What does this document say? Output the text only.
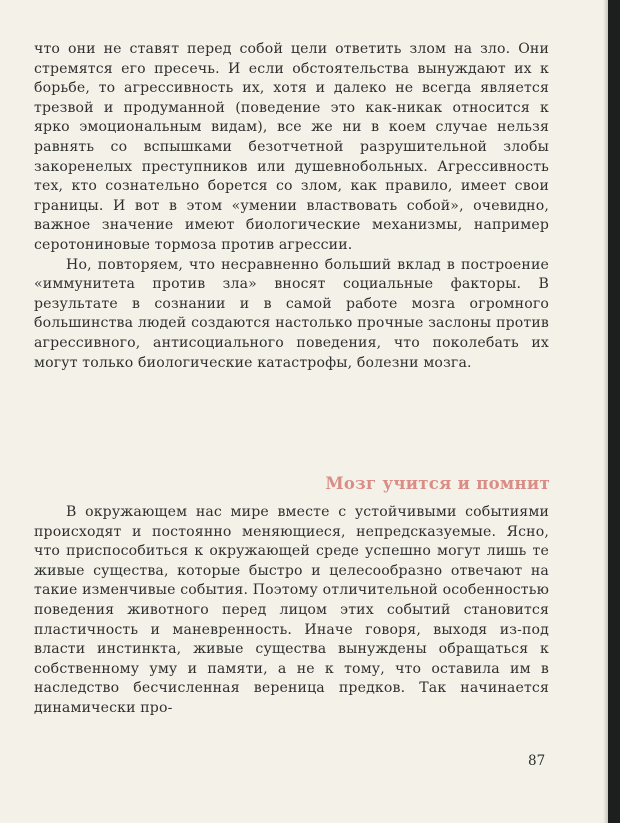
что они не ставят перед собой цели ответить злом на зло. Они стремятся его пресечь. И если обстоятельства вынуждают их к борьбе, то агрессивность их, хотя и далеко не всегда является трезвой и продуманной (поведение это как-никак относится к ярко эмоциональным видам), все же ни в коем случае нельзя равнять со вспышками безотчетной разрушительной злобы закоренелых преступников или душевнобольных. Агрессивность тех, кто сознательно борется со злом, как правило, имеет свои границы. И вот в этом «умении властвовать собой», очевидно, важное значение имеют биологические механизмы, например серотониновые тормоза против агрессии.

Но, повторяем, что несравненно больший вклад в построение «иммунитета против зла» вносят социальные факторы. В результате в сознании и в самой работе мозга огромного большинства людей создаются настолько прочные заслоны против агрессивного, антисоциального поведения, что поколебать их могут только биологические катастрофы, болезни мозга.

Мозг учится и помнит

В окружающем нас мире вместе с устойчивыми событиями происходят и постоянно меняющиеся, непредсказуемые. Ясно, что приспособиться к окружающей среде успешно могут лишь те живые существа, которые быстро и целесообразно отвечают на такие изменчивые события. Поэтому отличительной особенностью поведения животного перед лицом этих событий становится пластичность и маневренность. Иначе говоря, выходя из-под власти инстинкта, живые существа вынуждены обращаться к собственному уму и памяти, а не к тому, что оставила им в наследство бесчисленная вереница предков. Так начинается динамически про-

87
